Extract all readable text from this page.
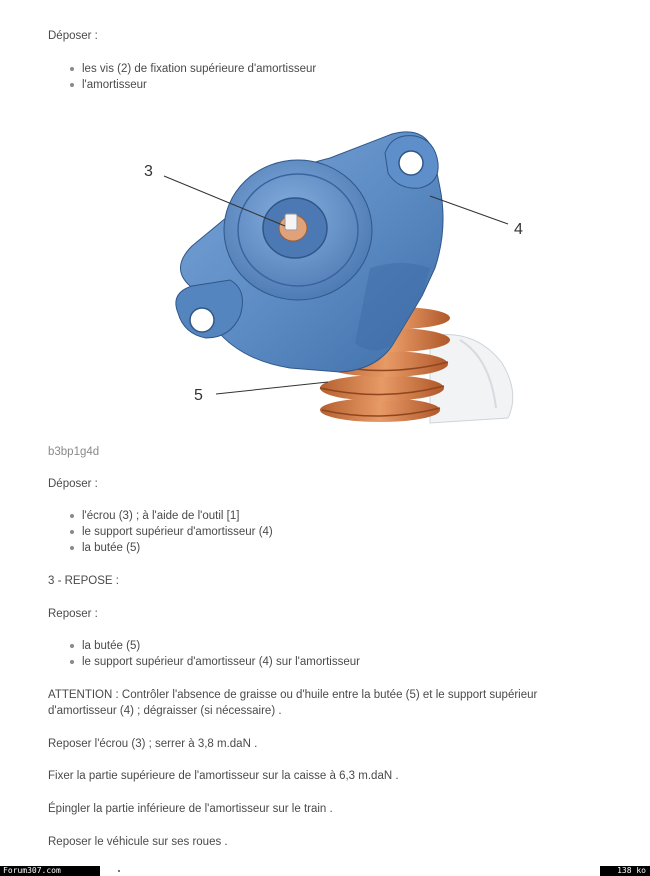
Déposer :

les vis (2) de fixation supérieure d'amortisseur
l'amortisseur
3
4
5

b3bp1g4d

Déposer :

l'écrou (3) ; à l'aide de l'outil [1]
le support supérieur d'amortisseur (4)
la butée (5)

3 - REPOSE :

Reposer :

la butée (5)
le support supérieur d'amortisseur (4) sur l'amortisseur

ATTENTION : Contrôler l'absence de graisse ou d'huile entre la butée (5) et le support supérieur

d'amortisseur (4) ; dégraisser (si nécessaire) .

Reposer l'écrou (3) ; serrer à 3,8 m.daN .

Fixer la partie supérieure de l'amortisseur sur la caisse à 6,3 m.daN .

Épingler la partie inférieure de l'amortisseur sur le train .

Reposer le véhicule sur ses roues .

Forum307.com	138 ko
